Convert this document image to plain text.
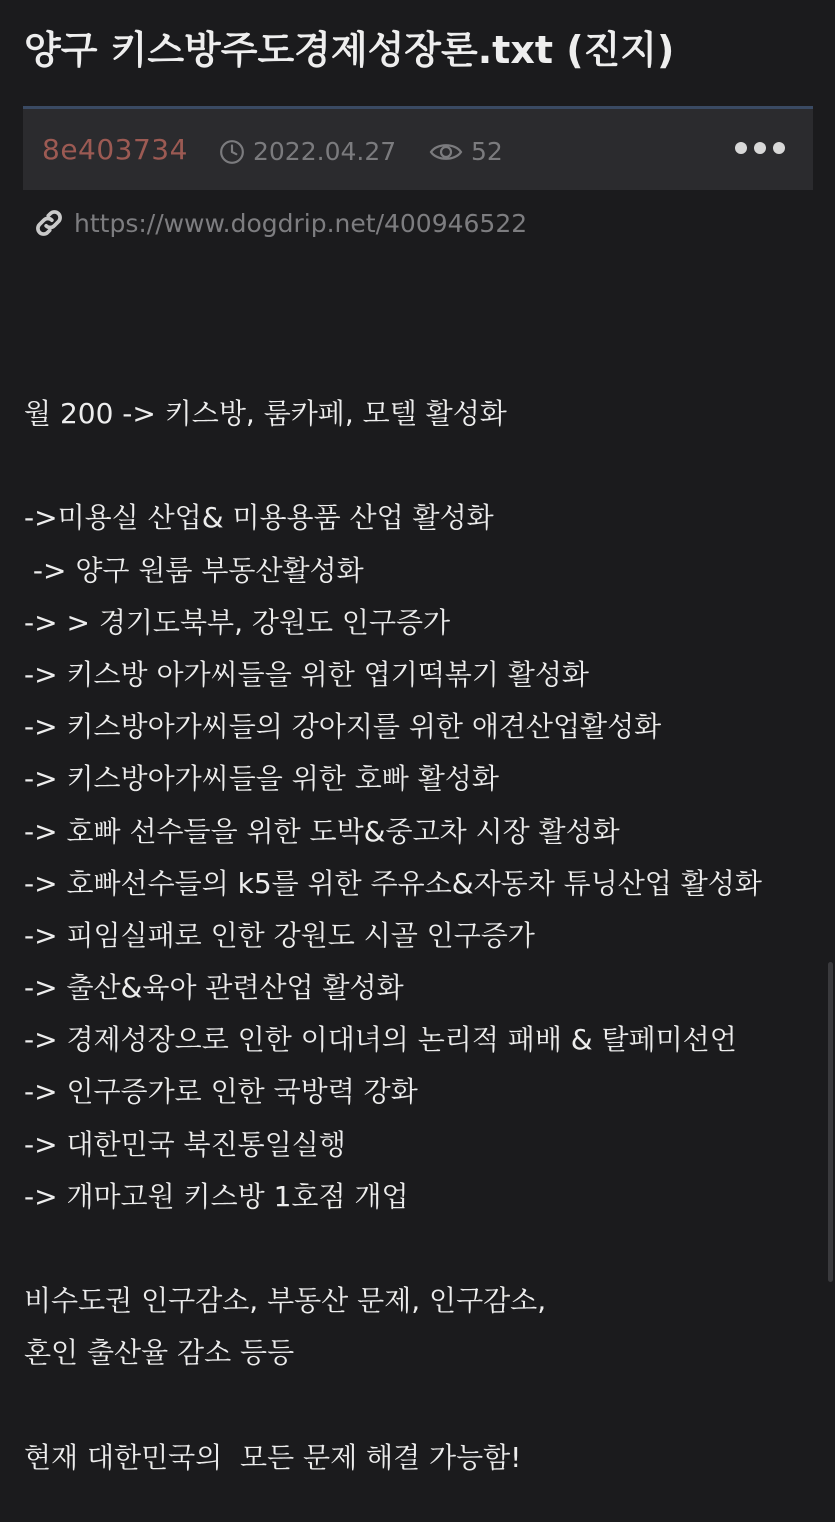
양구 키스방주도경제성장론.txt (진지)
8e403734	2022.04.27	52
https://www.dogdrip.net/400946522
월 200 -> 키스방, 룸카페, 모텔 활성화
->미용실 산업& 미용용품 산업 활성화
-> 양구 원룸 부동산활성화
-> > 경기도북부, 강원도 인구증가
-> 키스방 아가씨들을 위한 엽기떡볶기 활성화
-> 키스방아가씨들의 강아지를 위한 애견산업활성화
-> 키스방아가씨들을 위한 호빠 활성화
-> 호빠 선수들을 위한 도박&중고차 시장 활성화
-> 호빠선수들의 k5를 위한 주유소&자동차 튜닝산업 활성화
-> 피임실패로 인한 강원도 시골 인구증가
-> 출산&육아 관련산업 활성화
-> 경제성장으로 인한 이대녀의 논리적 패배 & 탈페미선언
-> 인구증가로 인한 국방력 강화
-> 대한민국 북진통일실행
-> 개마고원 키스방 1호점 개업
비수도권 인구감소, 부동산 문제, 인구감소,
혼인 출산율 감소 등등
현재 대한민국의  모든 문제 해결 가능함!
